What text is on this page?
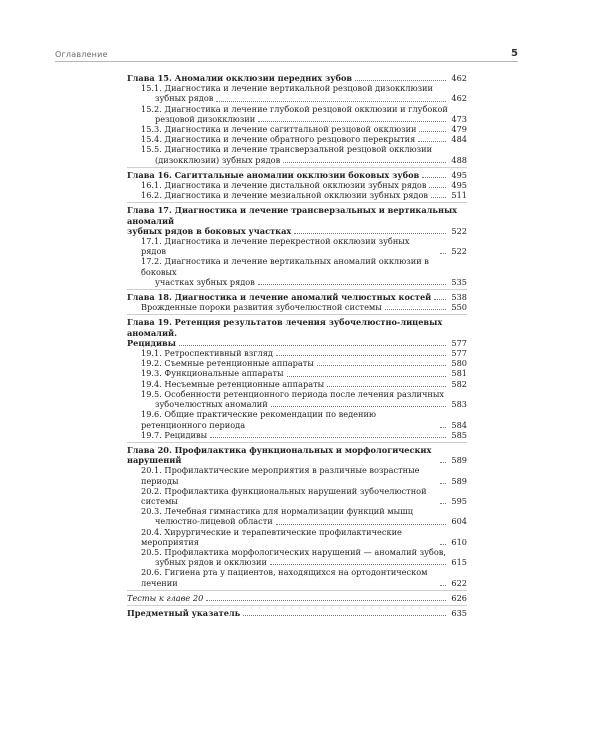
Оглавление	5
Глава 15. Аномалии окклюзии передних зубов	462
15.1. Диагностика и лечение вертикальной резцовой дизокклюзии
зубных рядов	462
15.2. Диагностика и лечение глубокой резцовой окклюзии и глубокой
резцовой дизокклюзии	473
15.3. Диагностика и лечение сагиттальной резцовой окклюзии	479
15.4. Диагностика и лечение обратного резцового перекрытия	484
15.5. Диагностика и лечение трансверзальной резцовой окклюзии
(дизокклюзии) зубных рядов	488
Глава 16. Сагиттальные аномалии окклюзии боковых зубов	495
16.1. Диагностика и лечение дистальной окклюзии зубных рядов	495
16.2. Диагностика и лечение мезиальной окклюзии зубных рядов	511
Глава 17. Диагностика и лечение трансверзальных и вертикальных аномалий
зубных рядов в боковых участках	522
17.1. Диагностика и лечение перекрестной окклюзии зубных рядов	522
17.2. Диагностика и лечение вертикальных аномалий окклюзии в боковых
участках зубных рядов	535
Глава 18. Диагностика и лечение аномалий челюстных костей 538
Врожденные пороки развития зубочелюстной системы	550
Глава 19. Ретенция результатов лечения зубочелюстно-лицевых аномалий.
Рецидивы	577
19.1. Ретроспективный взгляд	577
19.2. Съемные ретенционные аппараты	580
19.3. Функциональные аппараты	581
19.4. Несъемные ретенционные аппараты	582
19.5. Особенности ретенционного периода после лечения различных
зубочелюстных аномалий	583
19.6. Общие практические рекомендации по ведению ретенционного периода	584
19.7. Рецидивы	585
Глава 20. Профилактика функциональных и морфологических нарушений	589
20.1. Профилактические мероприятия в различные возрастные периоды	589
20.2. Профилактика функциональных нарушений зубочелюстной системы	595
20.3. Лечебная гимнастика для нормализации функций мышц
челюстно-лицевой области	604
20.4. Хирургические и терапевтические профилактические мероприятия	610
20.5. Профилактика морфологических нарушений — аномалий зубов,
зубных рядов и окклюзии	615
20.6. Гигиена рта у пациентов, находящихся на ортодонтическом лечении	622
Тесты к главе 20	626
Предметный указатель	635
